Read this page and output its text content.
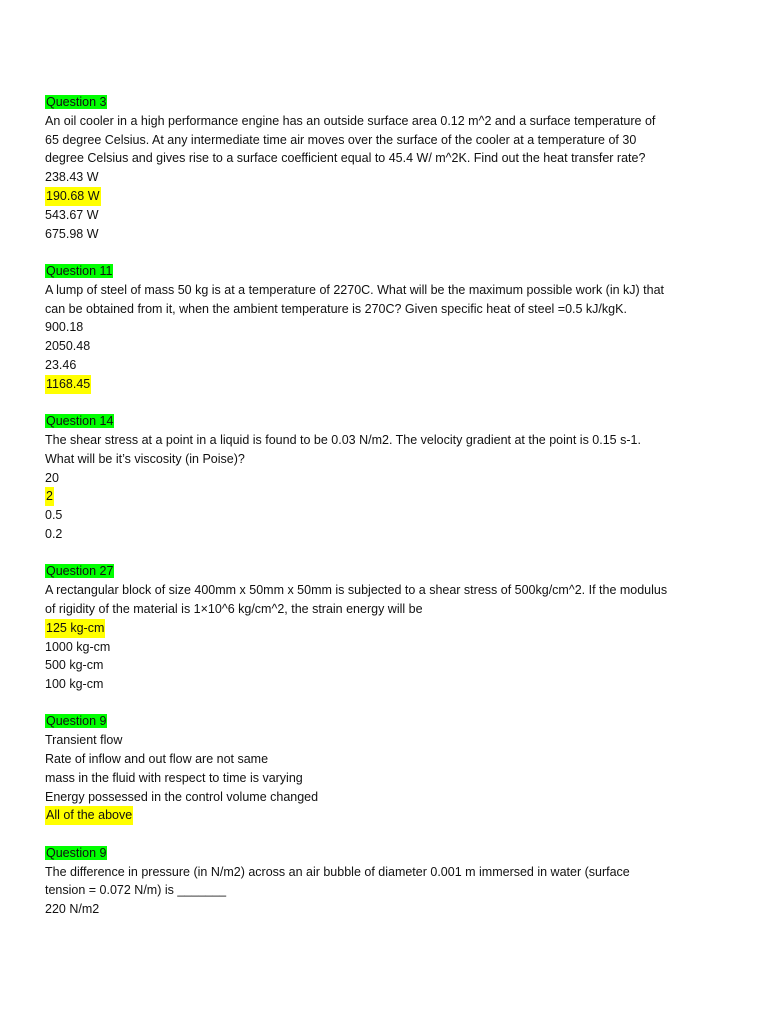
Question 3
An oil cooler in a high performance engine has an outside surface area 0.12 m^2 and a surface temperature of
65 degree Celsius. At any intermediate time air moves over the surface of the cooler at a temperature of 30
degree Celsius and gives rise to a surface coefficient equal to 45.4 W/ m^2K. Find out the heat transfer rate?
238.43 W
190.68 W
543.67 W
675.98 W
Question 11
A lump of steel of mass 50 kg is at a temperature of 2270C. What will be the maximum possible work (in kJ) that
can be obtained from it, when the ambient temperature is 270C? Given specific heat of steel =0.5 kJ/kgK.
900.18
2050.48
23.46
1168.45
Question 14
The shear stress at a point in a liquid is found to be 0.03 N/m2. The velocity gradient at the point is 0.15 s-1.
What will be it’s viscosity (in Poise)?
20
2
0.5
0.2
Question 27
A rectangular block of size 400mm x 50mm x 50mm is subjected to a shear stress of 500kg/cm^2. If the modulus
of rigidity of the material is 1×10^6 kg/cm^2, the strain energy will be
125 kg-cm
1000 kg-cm
500 kg-cm
100 kg-cm
Question 9
Transient flow
Rate of inflow and out flow are not same
mass in the fluid with respect to time is varying
Energy possessed in the control volume changed
All of the above
Question 9
The difference in pressure (in N/m2) across an air bubble of diameter 0.001 m immersed in water (surface
tension = 0.072 N/m) is _______
220 N/m2
